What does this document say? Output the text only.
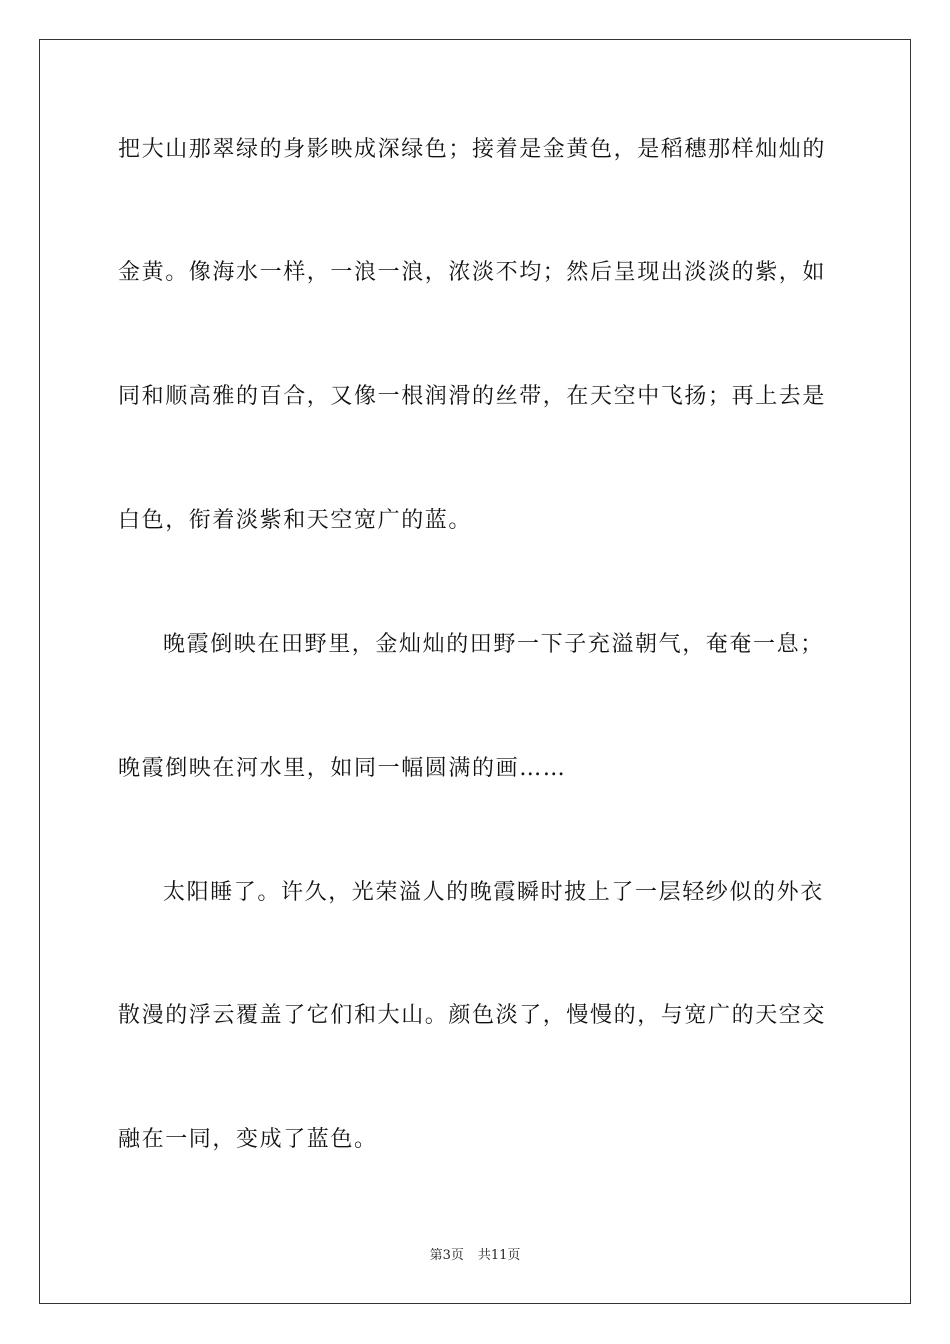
把大山那翠绿的身影映成深绿色；接着是金黄色，是稻穗那样灿灿的
金黄。像海水一样，一浪一浪，浓淡不均；然后呈现出淡淡的紫，如
同和顺高雅的百合，又像一根润滑的丝带，在天空中飞扬；再上去是
白色，衔着淡紫和天空宽广的蓝。
晚霞倒映在田野里，金灿灿的田野一下子充溢朝气，奄奄一息；
晚霞倒映在河水里，如同一幅圆满的画……
太阳睡了。许久，光荣溢人的晚霞瞬时披上了一层轻纱似的外衣
散漫的浮云覆盖了它们和大山。颜色淡了，慢慢的，与宽广的天空交
融在一同，变成了蓝色。
第3页 共11页
